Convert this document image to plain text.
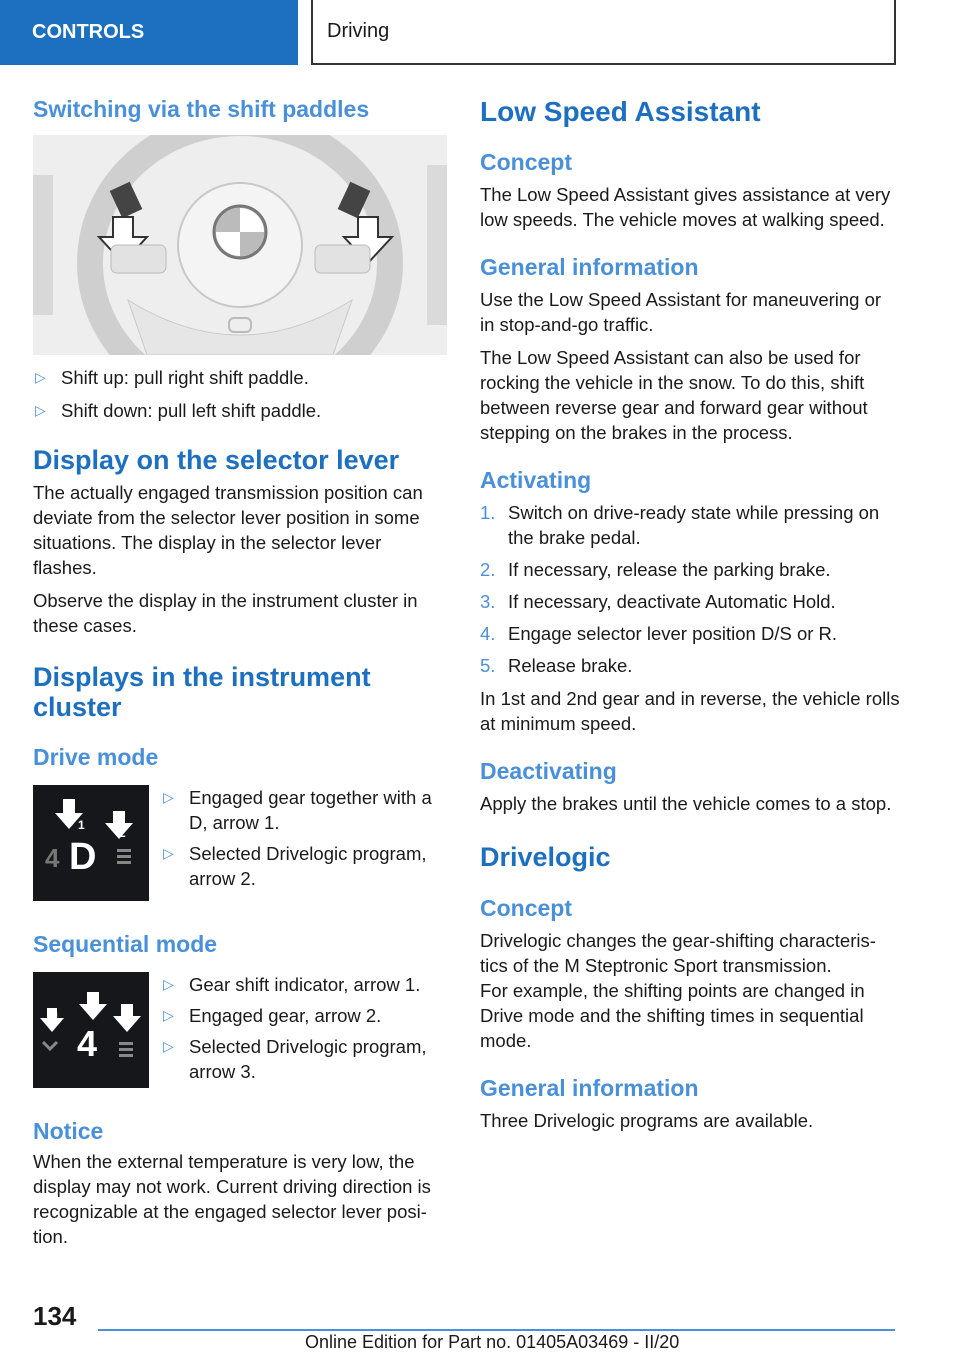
CONTROLS	Driving
Switching via the shift paddles
▷ Shift up: pull right shift paddle.
▷ Shift down: pull left shift paddle.
Display on the selector lever

The actually engaged transmission position can deviate from the selector lever position in some situations. The display in the selector lever flashes.

Observe the display in the instrument cluster in these cases.

Displays in the instrument
cluster
Drive mode
1
2
4 D
▷ Engaged gear together with a D, arrow 1.
▷ Selected Drivelogic program, arrow 2.
Sequential mode
1
2
3
4
▷ Gear shift indicator, arrow 1.
▷ Engaged gear, arrow 2.
▷ Selected Drivelogic program, arrow 3.
Notice

When the external temperature is very low, the display may not work. Current driving direction is recognizable at the engaged selector lever posi-tion.

Low Speed Assistant
Concept

The Low Speed Assistant gives assistance at very low speeds. The vehicle moves at walking speed.

General information

Use the Low Speed Assistant for maneuvering or in stop-and-go traffic.

The Low Speed Assistant can also be used for rocking the vehicle in the snow. To do this, shift between reverse gear and forward gear without stepping on the brakes in the process.

Activating
1. Switch on drive-ready state while pressing on the brake pedal.
2. If necessary, release the parking brake.
3. If necessary, deactivate Automatic Hold.
4. Engage selector lever position D/S or R.
5. Release brake.

In 1st and 2nd gear and in reverse, the vehicle rolls at minimum speed.

Deactivating

Apply the brakes until the vehicle comes to a stop.

Drivelogic
Concept

Drivelogic changes the gear-shifting characteris-tics of the M Steptronic Sport transmission.

For example, the shifting points are changed in Drive mode and the shifting times in sequential mode.

General information

Three Drivelogic programs are available.

134
Online Edition for Part no. 01405A03469 - II/20
